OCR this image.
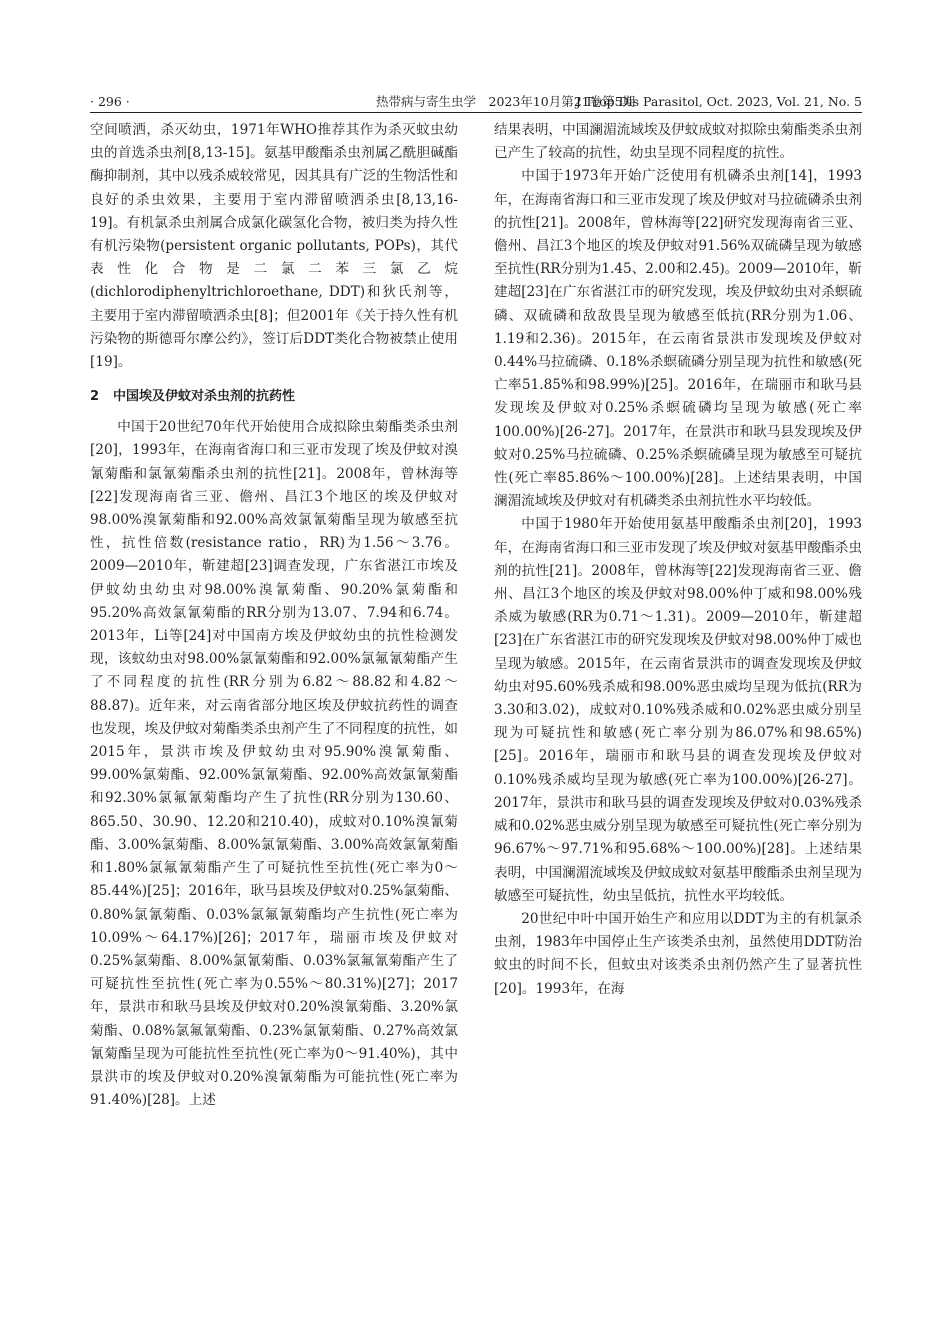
· 296 ·	热带病与寄生虫学　2023年10月第21卷第5期
J Trop Dis Parasitol, Oct. 2023, Vol. 21, No. 5

空间喷洒，杀灭幼虫，1971年WHO推荐其作为杀灭蚊虫幼虫的首选杀虫剂[8,13-15]。氨基甲酸酯杀虫剂属乙酰胆碱酯酶抑制剂，其中以残杀威较常见，因其具有广泛的生物活性和良好的杀虫效果，主要用于室内滞留喷洒杀虫[8,13,16-19]。有机氯杀虫剂属合成氯化碳氢化合物，被归类为持久性有机污染物(persistent organic pollutants, POPs)，其代表性化合物是二氯二苯三氯乙烷(dichlorodiphenyltrichloroethane, DDT)和狄氏剂等，主要用于室内滞留喷洒杀虫[8]；但2001年《关于持久性有机污染物的斯德哥尔摩公约》，签订后DDT类化合物被禁止使用[19]。

2 中国埃及伊蚊对杀虫剂的抗药性

中国于20世纪70年代开始使用合成拟除虫菊酯类杀虫剂[20]，1993年，在海南省海口和三亚市发现了埃及伊蚊对溴氰菊酯和氯氰菊酯杀虫剂的抗性[21]。2008年，曾林海等[22]发现海南省三亚、儋州、昌江3个地区的埃及伊蚊对98.00%溴氰菊酯和92.00%高效氯氰菊酯呈现为敏感至抗性，抗性倍数(resistance ratio，RR)为1.56～3.76。2009—2010年，靳建超[23]调查发现，广东省湛江市埃及伊蚊幼虫幼虫对98.00%溴氰菊酯、90.20%氯菊酯和95.20%高效氯氰菊酯的RR分别为13.07、7.94和6.74。2013年，Li等[24]对中国南方埃及伊蚊幼虫的抗性检测发现，该蚊幼虫对98.00%氯氰菊酯和92.00%氯氟氰菊酯产生了不同程度的抗性(RR分别为6.82～88.82和4.82～88.87)。近年来，对云南省部分地区埃及伊蚊抗药性的调查也发现，埃及伊蚊对菊酯类杀虫剂产生了不同程度的抗性，如2015年，景洪市埃及伊蚊幼虫对95.90%溴氰菊酯、99.00%氯菊酯、92.00%氯氰菊酯、92.00%高效氯氰菊酯和92.30%氯氟氰菊酯均产生了抗性(RR分别为130.60、865.50、30.90、12.20和210.40)，成蚊对0.10%溴氰菊酯、3.00%氯菊酯、8.00%氯氰菊酯、3.00%高效氯氰菊酯和1.80%氯氟氰菊酯产生了可疑抗性至抗性(死亡率为0～85.44%)[25]；2016年，耿马县埃及伊蚊对0.25%氯菊酯、0.80%氯氰菊酯、0.03%氯氟氰菊酯均产生抗性(死亡率为10.09%～64.17%)[26]；2017年，瑞丽市埃及伊蚊对0.25%氯菊酯、8.00%氯氰菊酯、0.03%氯氟氰菊酯产生了可疑抗性至抗性(死亡率为0.55%～80.31%)[27]；2017年，景洪市和耿马县埃及伊蚊对0.20%溴氰菊酯、3.20%氯菊酯、0.08%氯氟氰菊酯、0.23%氯氰菊酯、0.27%高效氯氰菊酯呈现为可能抗性至抗性(死亡率为0～91.40%)，其中景洪市的埃及伊蚊对0.20%溴氰菊酯为可能抗性(死亡率为91.40%)[28]。上述

结果表明，中国澜湄流域埃及伊蚊成蚊对拟除虫菊酯类杀虫剂已产生了较高的抗性，幼虫呈现不同程度的抗性。

中国于1973年开始广泛使用有机磷杀虫剂[14]，1993年，在海南省海口和三亚市发现了埃及伊蚊对马拉硫磷杀虫剂的抗性[21]。2008年，曾林海等[22]研究发现海南省三亚、儋州、昌江3个地区的埃及伊蚊对91.56%双硫磷呈现为敏感至抗性(RR分别为1.45、2.00和2.45)。2009—2010年，靳建超[23]在广东省湛江市的研究发现，埃及伊蚊幼虫对杀螟硫磷、双硫磷和敌敌畏呈现为敏感至低抗(RR分别为1.06、1.19和2.36)。2015年，在云南省景洪市发现埃及伊蚊对0.44%马拉硫磷、0.18%杀螟硫磷分别呈现为抗性和敏感(死亡率51.85%和98.99%)[25]。2016年，在瑞丽市和耿马县发现埃及伊蚊对0.25%杀螟硫磷均呈现为敏感(死亡率100.00%)[26-27]。2017年，在景洪市和耿马县发现埃及伊蚊对0.25%马拉硫磷、0.25%杀螟硫磷呈现为敏感至可疑抗性(死亡率85.86%～100.00%)[28]。上述结果表明，中国澜湄流域埃及伊蚊对有机磷类杀虫剂抗性水平均较低。

中国于1980年开始使用氨基甲酸酯杀虫剂[20]，1993年，在海南省海口和三亚市发现了埃及伊蚊对氨基甲酸酯杀虫剂的抗性[21]。2008年，曾林海等[22]发现海南省三亚、儋州、昌江3个地区的埃及伊蚊对98.00%仲丁威和98.00%残杀威为敏感(RR为0.71～1.31)。2009—2010年，靳建超[23]在广东省湛江市的研究发现埃及伊蚊对98.00%仲丁威也呈现为敏感。2015年，在云南省景洪市的调查发现埃及伊蚊幼虫对95.60%残杀威和98.00%恶虫威均呈现为低抗(RR为3.30和3.02)，成蚊对0.10%残杀威和0.02%恶虫威分别呈现为可疑抗性和敏感(死亡率分别为86.07%和98.65%)[25]。2016年，瑞丽市和耿马县的调查发现埃及伊蚊对0.10%残杀威均呈现为敏感(死亡率为100.00%)[26-27]。2017年，景洪市和耿马县的调查发现埃及伊蚊对0.03%残杀威和0.02%恶虫威分别呈现为敏感至可疑抗性(死亡率分别为96.67%～97.71%和95.68%～100.00%)[28]。上述结果表明，中国澜湄流域埃及伊蚊成蚊对氨基甲酸酯杀虫剂呈现为敏感至可疑抗性，幼虫呈低抗，抗性水平均较低。

20世纪中叶中国开始生产和应用以DDT为主的有机氯杀虫剂，1983年中国停止生产该类杀虫剂，虽然使用DDT防治蚊虫的时间不长，但蚊虫对该类杀虫剂仍然产生了显著抗性[20]。1993年，在海
